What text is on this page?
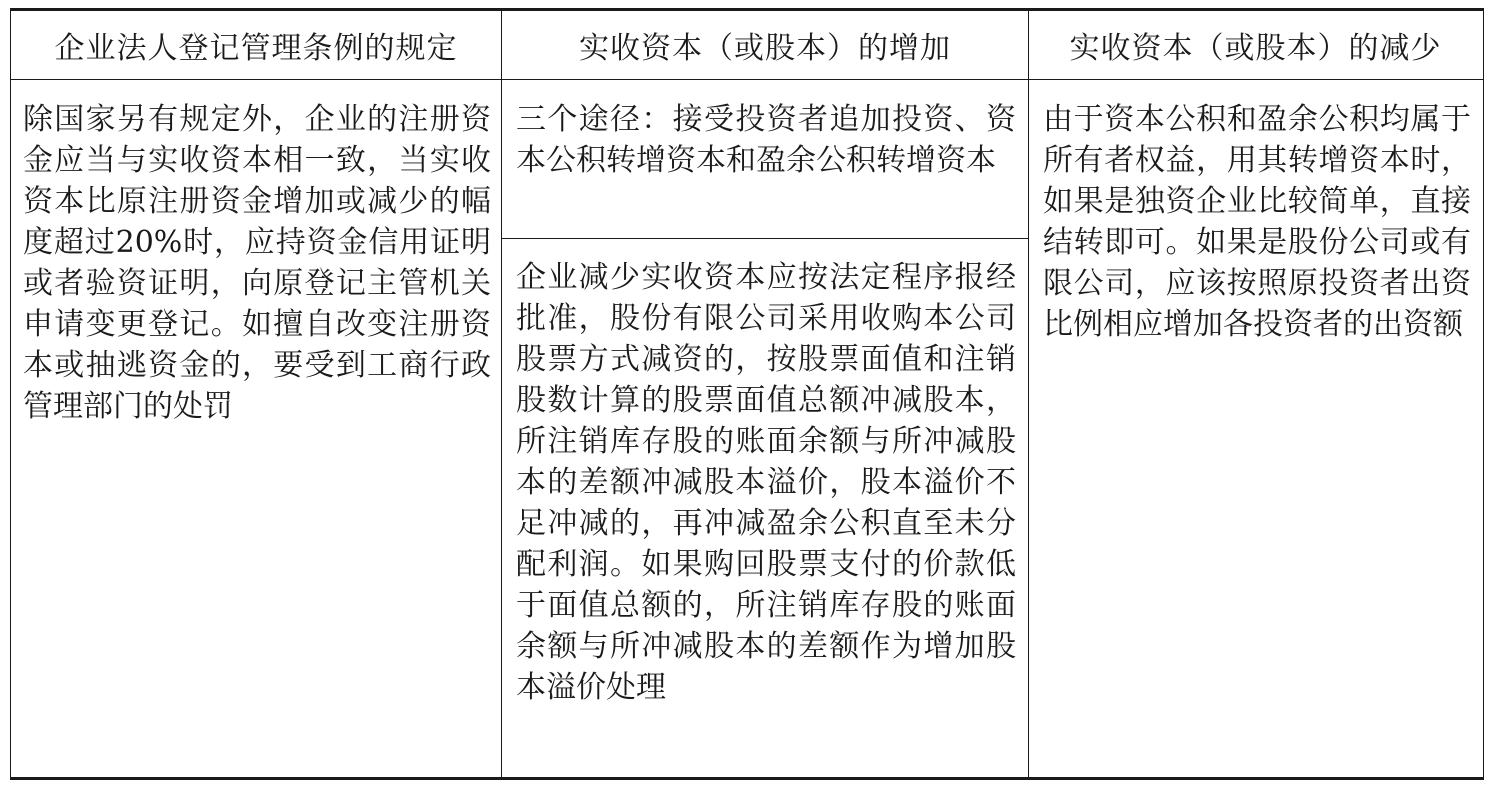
企业法人登记管理条例的规定	实收资本（或股本）的增加	实收资本（或股本）的减少
除国家另有规定外，企业的注册资金应当与实收资本相一致，当实收资本比原注册资金增加或减少的幅度超过20%时，应持资金信用证明或者验资证明，向原登记主管机关申请变更登记。如擅自改变注册资本或抽逃资金的，要受到工商行政管理部门的处罚
三个途径：接受投资者追加投资、资本公积转增资本和盈余公积转增资本
企业减少实收资本应按法定程序报经批准，股份有限公司采用收购本公司股票方式减资的，按股票面值和注销股数计算的股票面值总额冲减股本，所注销库存股的账面余额与所冲减股本的差额冲减股本溢价，股本溢价不足冲减的，再冲减盈余公积直至未分配利润。如果购回股票支付的价款低于面值总额的，所注销库存股的账面余额与所冲减股本的差额作为增加股本溢价处理
由于资本公积和盈余公积均属于所有者权益，用其转增资本时，如果是独资企业比较简单，直接结转即可。如果是股份公司或有限公司，应该按照原投资者出资比例相应增加各投资者的出资额
